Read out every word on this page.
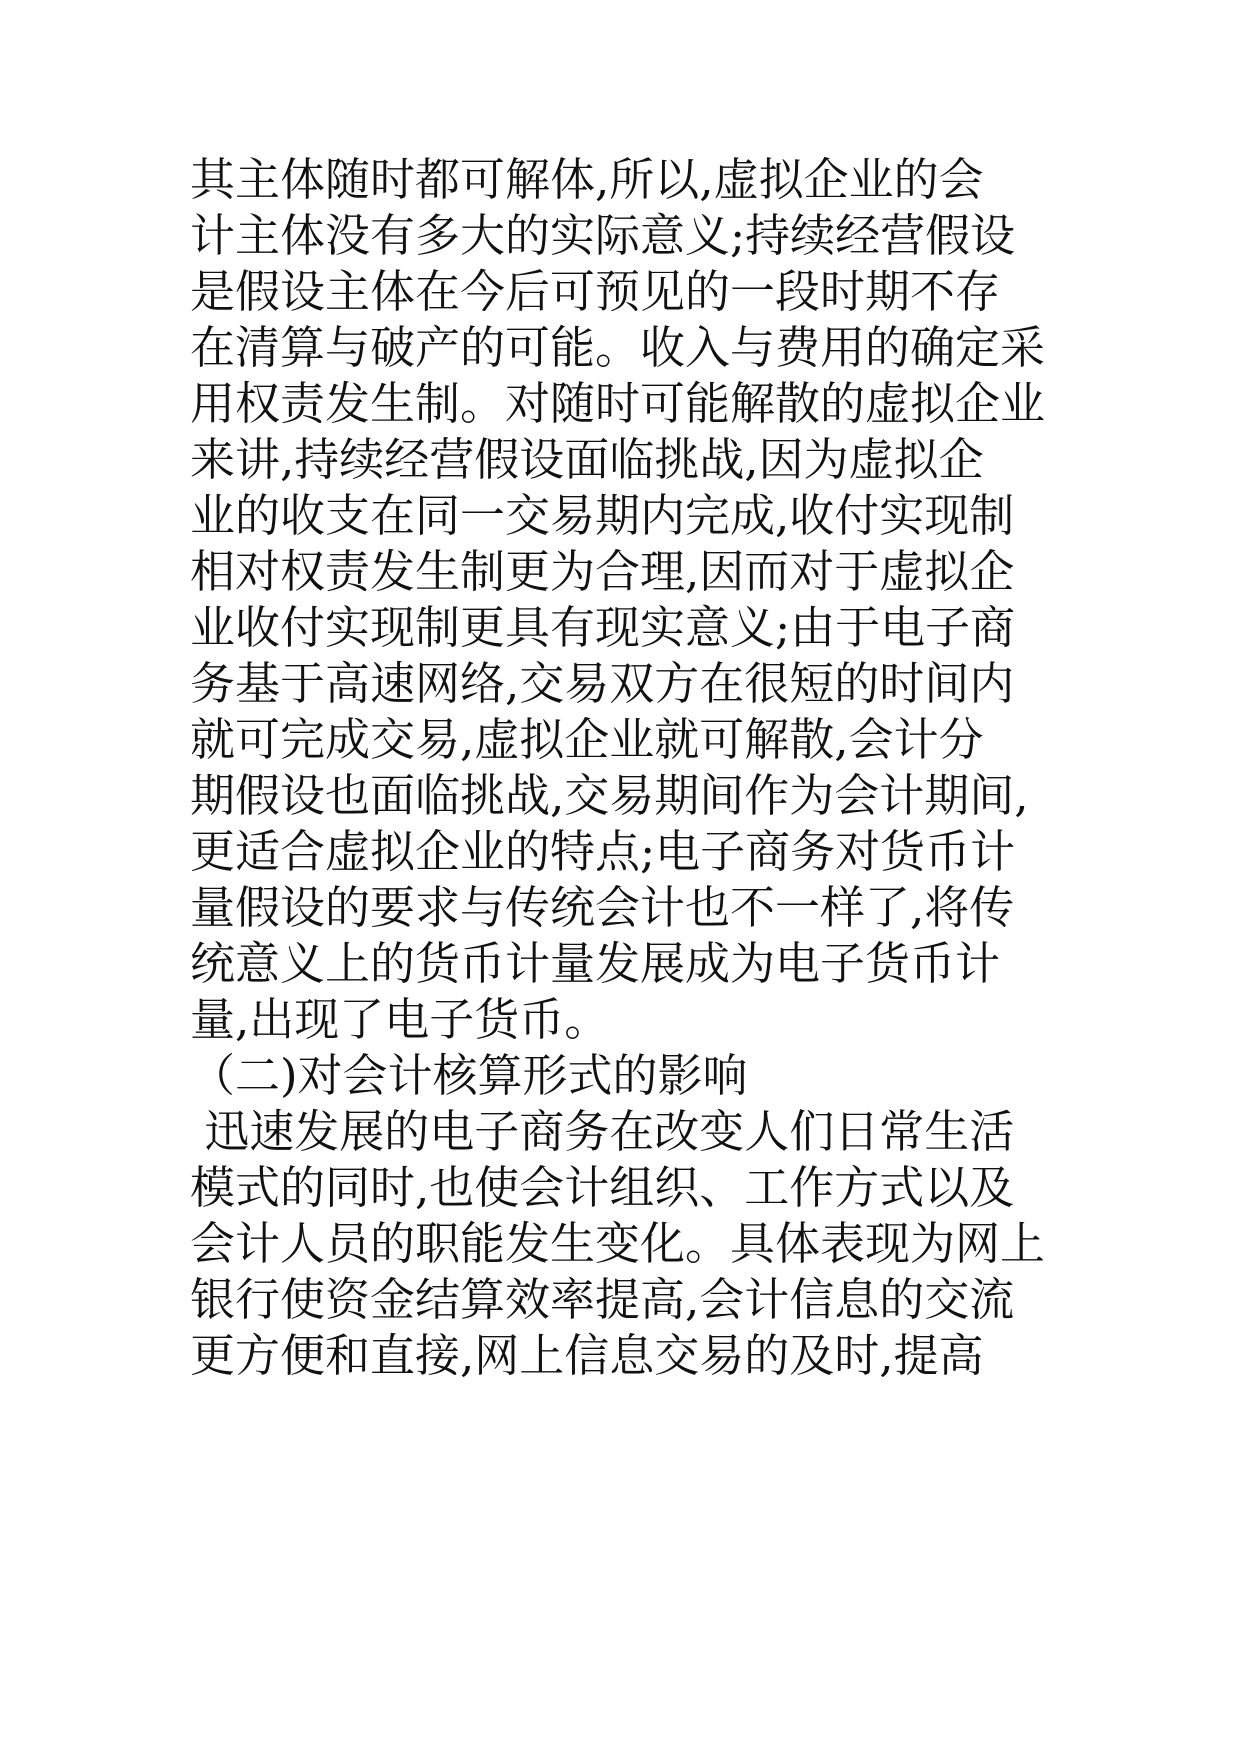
其主体随时都可解体,所以,虚拟企业的会
计主体没有多大的实际意义;持续经营假设
是假设主体在今后可预见的一段时期不存
在清算与破产的可能。收入与费用的确定采
用权责发生制。对随时可能解散的虚拟企业
来讲,持续经营假设面临挑战,因为虚拟企
业的收支在同一交易期内完成,收付实现制
相对权责发生制更为合理,因而对于虚拟企
业收付实现制更具有现实意义;由于电子商
务基于高速网络,交易双方在很短的时间内
就可完成交易,虚拟企业就可解散,会计分
期假设也面临挑战,交易期间作为会计期间,
更适合虚拟企业的特点;电子商务对货币计
量假设的要求与传统会计也不一样了,将传
统意义上的货币计量发展成为电子货币计
量,出现了电子货币。
（二)对会计核算形式的影响
迅速发展的电子商务在改变人们日常生活
模式的同时,也使会计组织、工作方式以及
会计人员的职能发生变化。具体表现为网上
银行使资金结算效率提高,会计信息的交流
更方便和直接,网上信息交易的及时,提高
